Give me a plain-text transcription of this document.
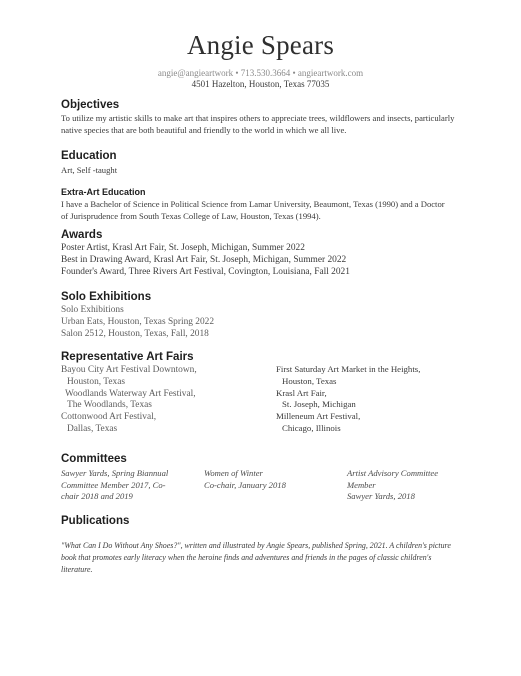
Angie Spears
angie@angieartwork • 713.530.3664 • angieartwork.com
4501 Hazelton, Houston, Texas 77035
Objectives
To utilize my artistic skills to make art that inspires others to appreciate trees, wildflowers and insects, particularly native species that are both beautiful and friendly to the world in which we all live.
Education
Art, Self -taught
Extra-Art Education
I have a Bachelor of Science in Political Science from Lamar University, Beaumont, Texas (1990) and a Doctor of Jurisprudence from South Texas College of Law, Houston, Texas (1994).
Awards
Poster Artist, Krasl Art Fair, St. Joseph, Michigan, Summer 2022
Best in Drawing Award, Krasl Art Fair, St. Joseph, Michigan, Summer 2022
Founder's Award, Three Rivers Art Festival, Covington, Louisiana, Fall 2021
Solo Exhibitions
Solo Exhibitions
Urban Eats, Houston, Texas Spring 2022
Salon 2512, Houston, Texas, Fall, 2018
Representative Art Fairs
Bayou City Art Festival Downtown,
Houston, Texas
Woodlands Waterway Art Festival,
The Woodlands, Texas
Cottonwood Art Festival,
Dallas, Texas
First Saturday Art Market in the Heights,
Houston, Texas
Krasl Art Fair,
St. Joseph, Michigan
Milleneum Art Festival,
Chicago, Illinois
Committees
Sawyer Yards, Spring Biannual
Committee Member 2017, Co-
chair 2018 and 2019
Women of Winter
Co-chair, January 2018
Artist Advisory Committee
Member
Sawyer Yards, 2018
Publications
"What Can I Do Without Any Shoes?", written and illustrated by Angie Spears, published Spring, 2021. A children's picture book that promotes early literacy when the heroine finds and adventures and friends in the pages of classic children's literature.
